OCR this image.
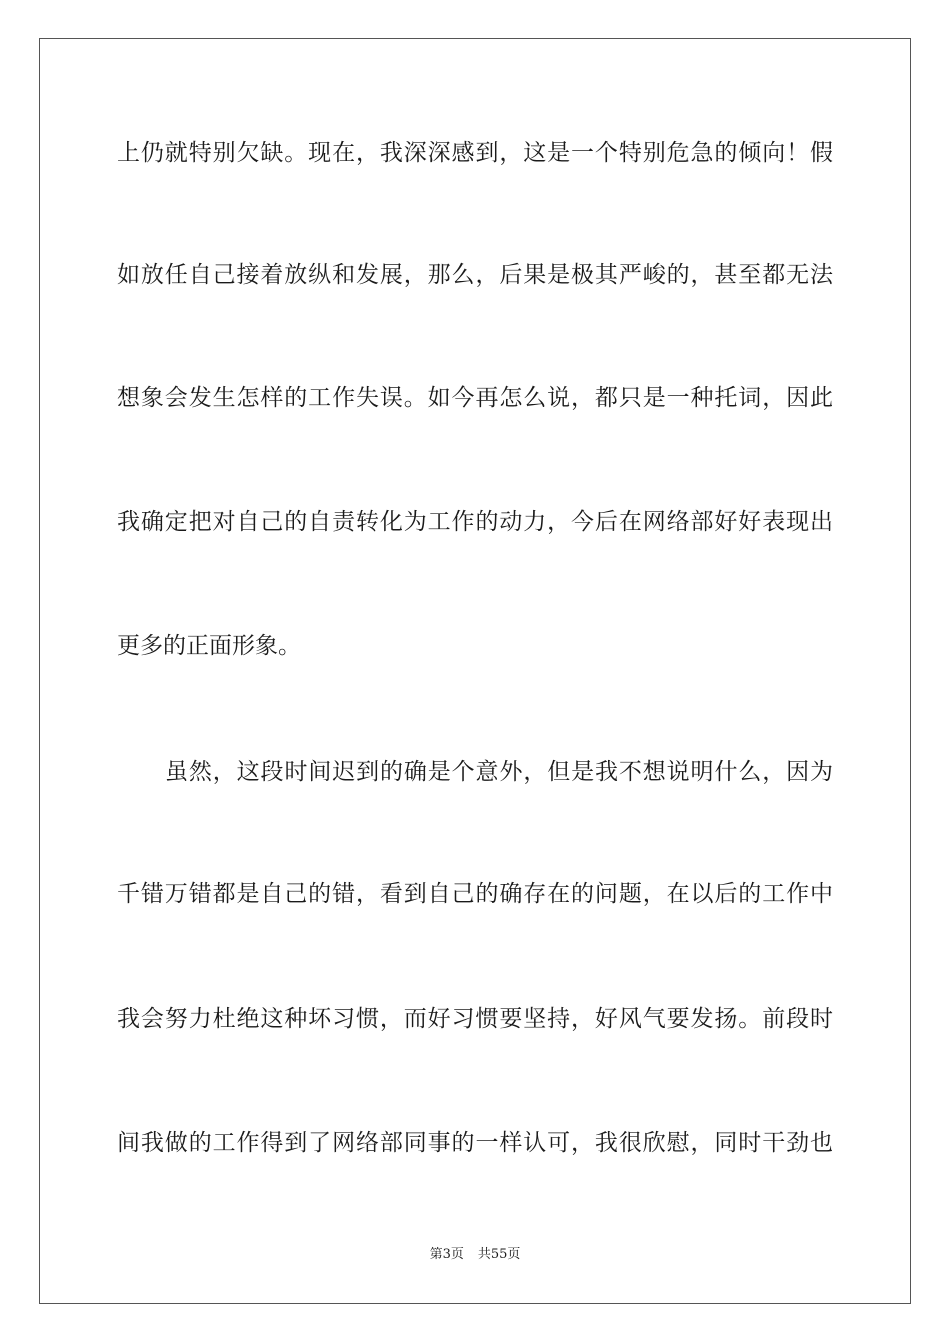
上仍就特别欠缺。现在，我深深感到，这是一个特别危急的倾向！假
如放任自己接着放纵和发展，那么，后果是极其严峻的，甚至都无法
想象会发生怎样的工作失误。如今再怎么说，都只是一种托词，因此
我确定把对自己的自责转化为工作的动力，今后在网络部好好表现出
更多的正面形象。
虽然，这段时间迟到的确是个意外，但是我不想说明什么，因为
千错万错都是自己的错，看到自己的确存在的问题，在以后的工作中
我会努力杜绝这种坏习惯，而好习惯要坚持，好风气要发扬。前段时
间我做的工作得到了网络部同事的一样认可，我很欣慰，同时干劲也
第3页 共55页
